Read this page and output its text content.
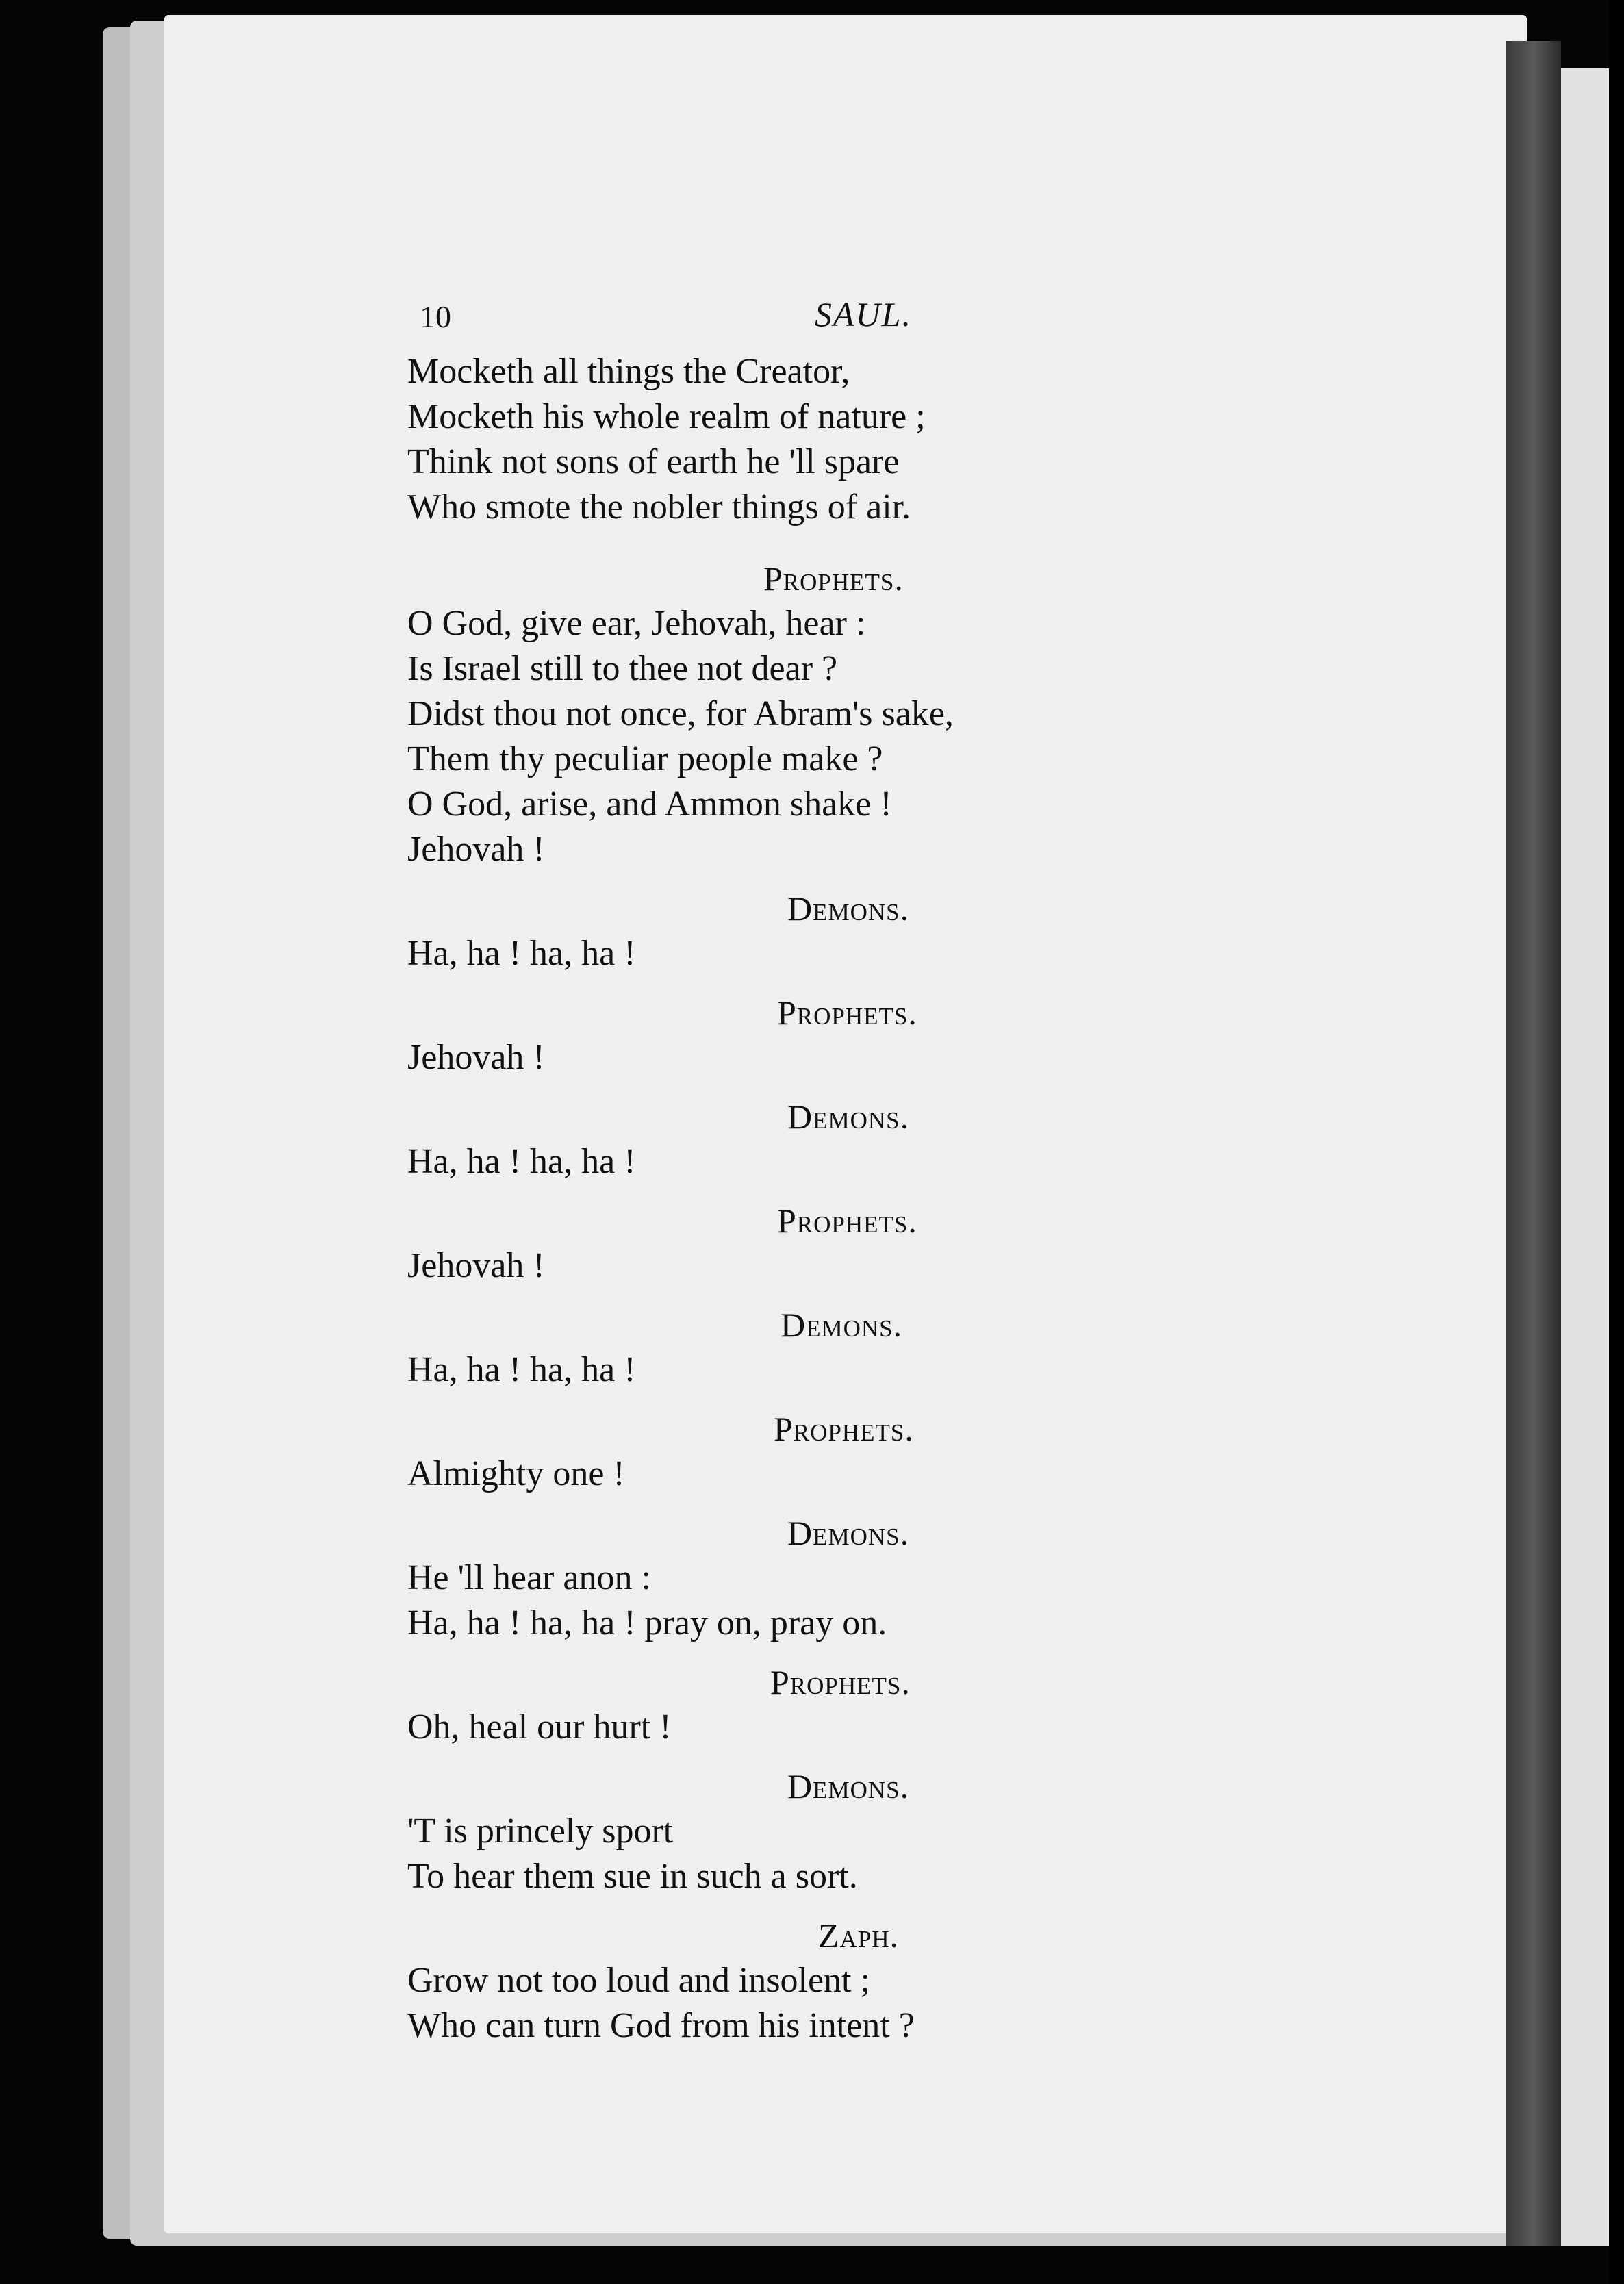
10	SAUL.
Mocketh all things the Creator,
Mocketh his whole realm of nature ;
Think not sons of earth he 'll spare
Who smote the nobler things of air.
Prophets.
O God, give ear, Jehovah, hear :
Is Israel still to thee not dear ?
Didst thou not once, for Abram's sake,
Them thy peculiar people make ?
O God, arise, and Ammon shake !
Jehovah !
Demons.
Ha, ha ! ha, ha !
Prophets.
Jehovah !
Demons.
Ha, ha ! ha, ha !
Prophets.
Jehovah !
Demons.
Ha, ha ! ha, ha !
Prophets.
Almighty one !
Demons.
He 'll hear anon :
Ha, ha ! ha, ha ! pray on, pray on.
Prophets.
Oh, heal our hurt !
Demons.
'T is princely sport
To hear them sue in such a sort.
Zaph.
Grow not too loud and insolent ;
Who can turn God from his intent ?
